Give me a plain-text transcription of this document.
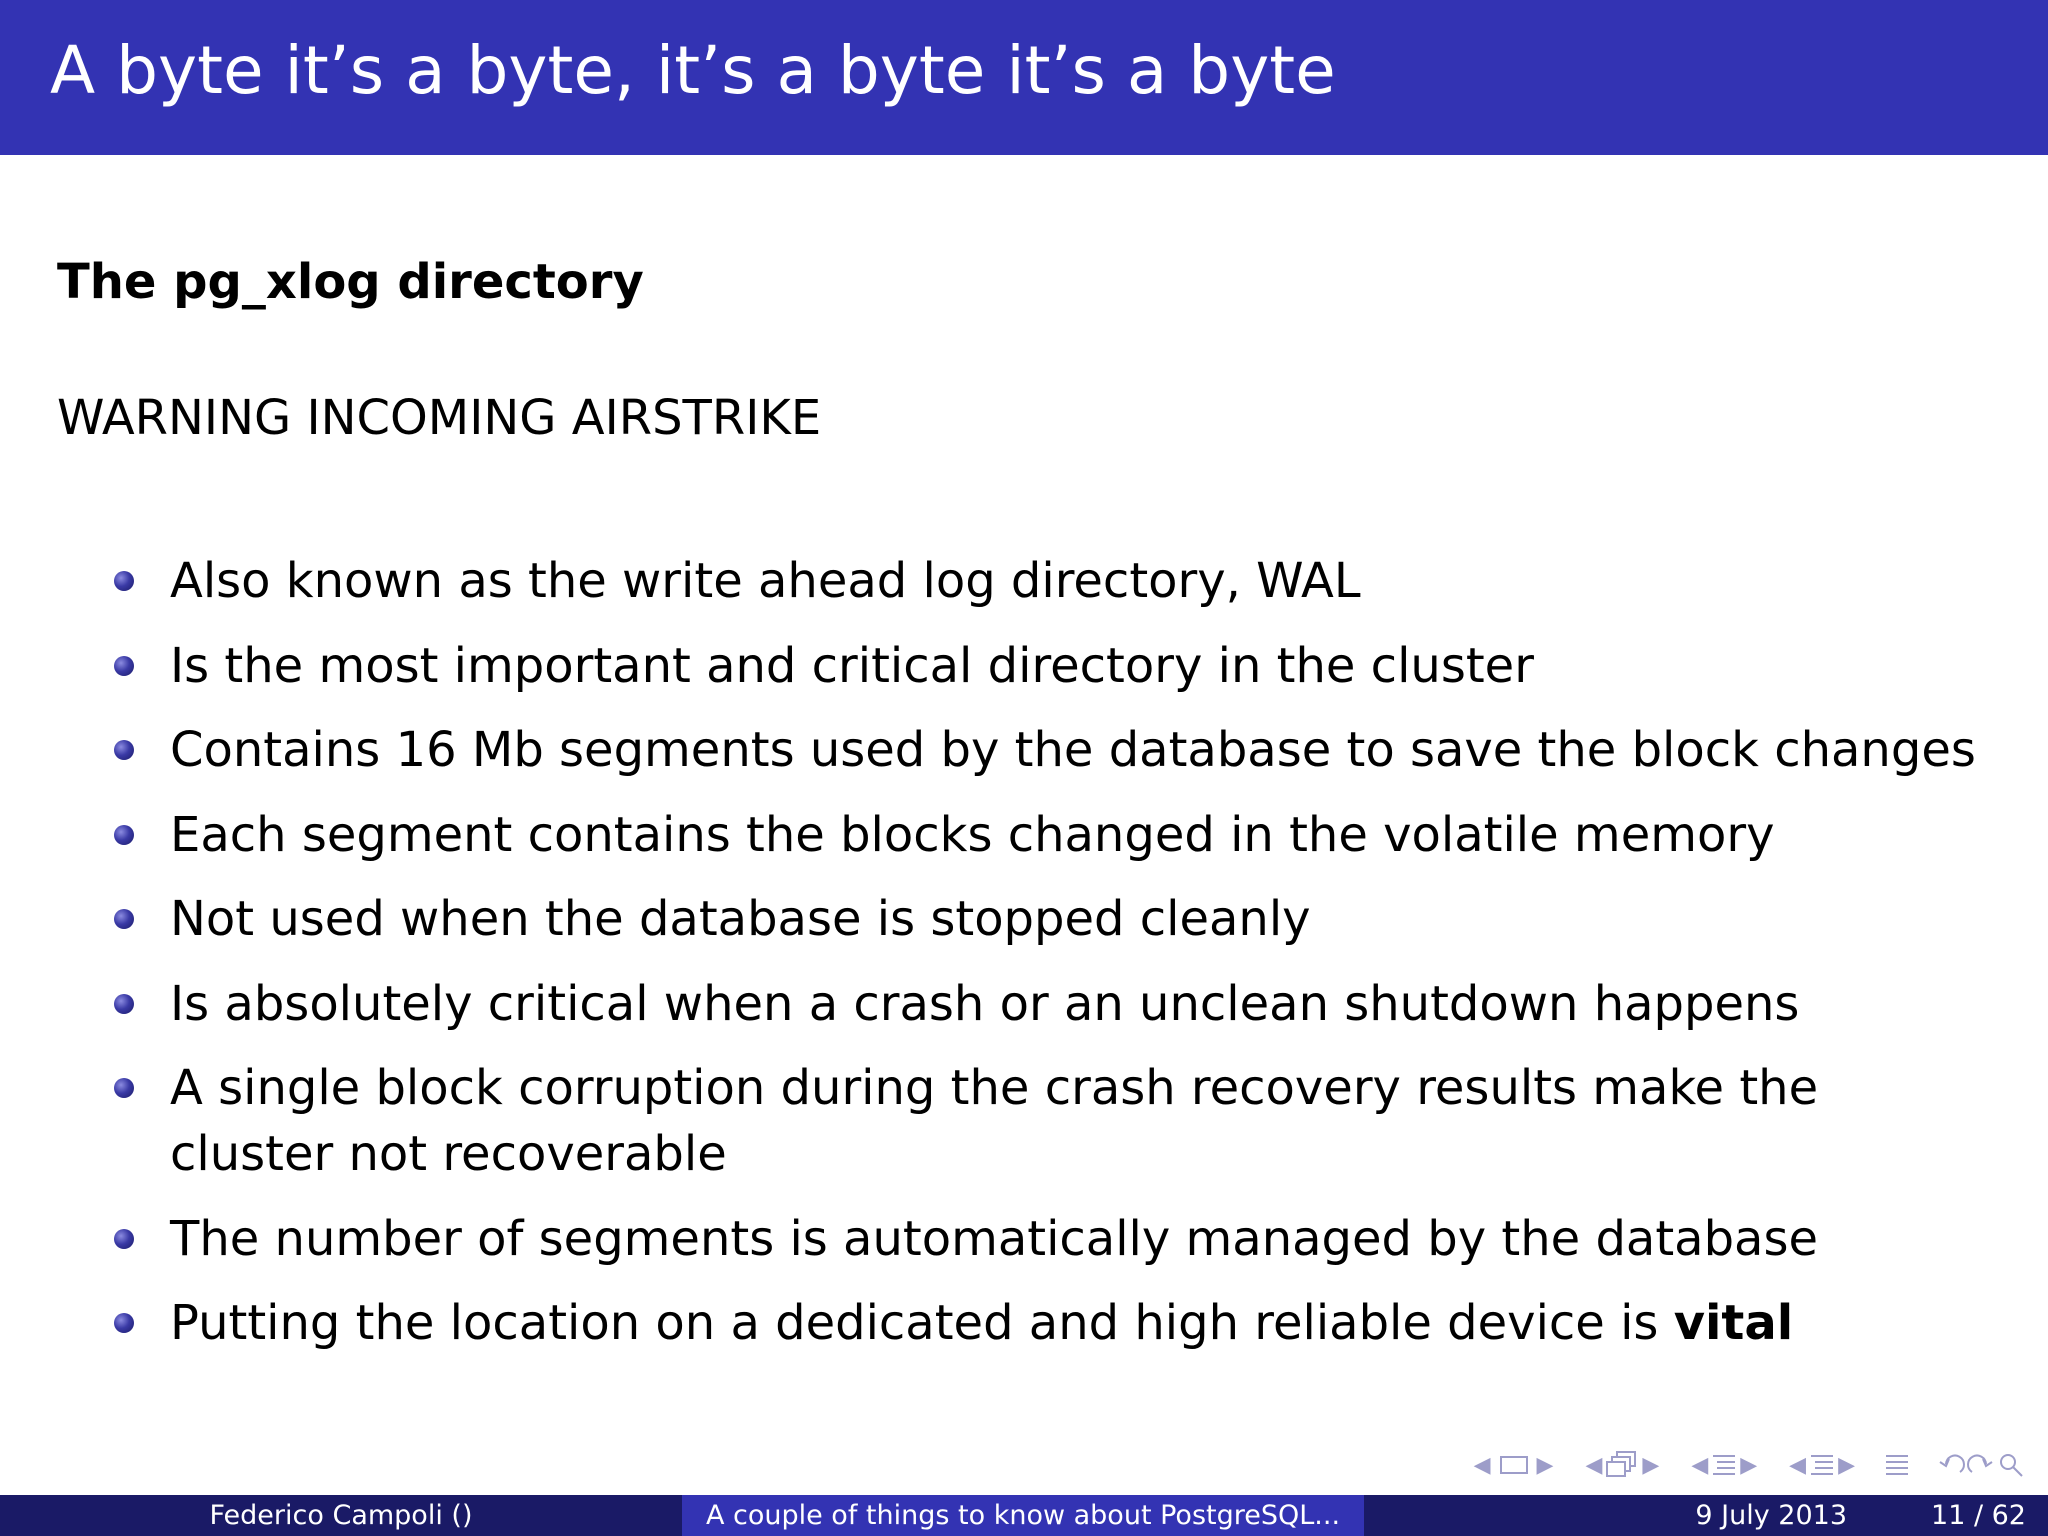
A byte it’s a byte, it’s a byte it’s a byte
The pg_xlog directory
WARNING INCOMING AIRSTRIKE
Also known as the write ahead log directory, WAL
Is the most important and critical directory in the cluster
Contains 16 Mb segments used by the database to save the block changes
Each segment contains the blocks changed in the volatile memory
Not used when the database is stopped cleanly
Is absolutely critical when a crash or an unclean shutdown happens
A single block corruption during the crash recovery results make the cluster not recoverable
The number of segments is automatically managed by the database
Putting the location on a dedicated and high reliable device is vital
◀ ▶ ◀ ▶ ◀ ▶ ◀ ▶
Federico Campoli ()	A couple of things to know about PostgreSQL...	9 July 2013	11 / 62
